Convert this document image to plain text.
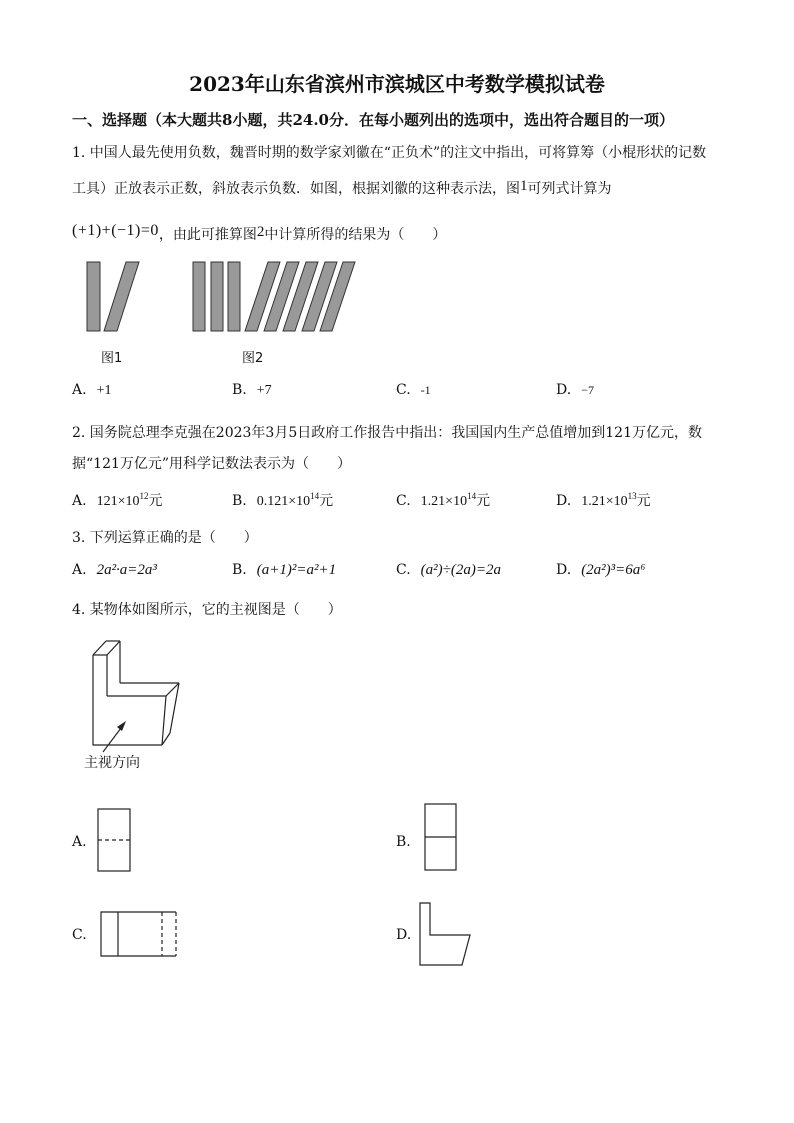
2023年山东省滨州市滨城区中考数学模拟试卷
一、选择题（本大题共8小题，共24.0分．在每小题列出的选项中，选出符合题目的一项）
1. 中国人最先使用负数，魏晋时期的数学家刘徽在“正负术”的注文中指出，可将算筹（小棍形状的记数
工具）正放表示正数，斜放表示负数．如图，根据刘徽的这种表示法，图1可列式计算为
(+1)+(−1)=0，由此可推算图2中计算所得的结果为（　　）
图1	图2
A. +1	B. +7	C. -1	D. −7
2. 国务院总理李克强在2023年3月5日政府工作报告中指出：我国国内生产总值增加到121万亿元，数
据“121万亿元”用科学记数法表示为（　　）
A. $121\times 10^{12}$元	B. $0.121\times 10^{14}$元	C. $1.21\times 10^{14}$元	D. $1.21\times 10^{13}$元
3. 下列运算正确的是（　　）
A. 2a²·a=2a³	B. (a+1)²=a²+1	C. (a²)÷(2a)=2a	D. (2a²)³=6a⁶
4. 某物体如图所示，它的主视图是（　　）
主视方向
A.	B.
C.	D.
